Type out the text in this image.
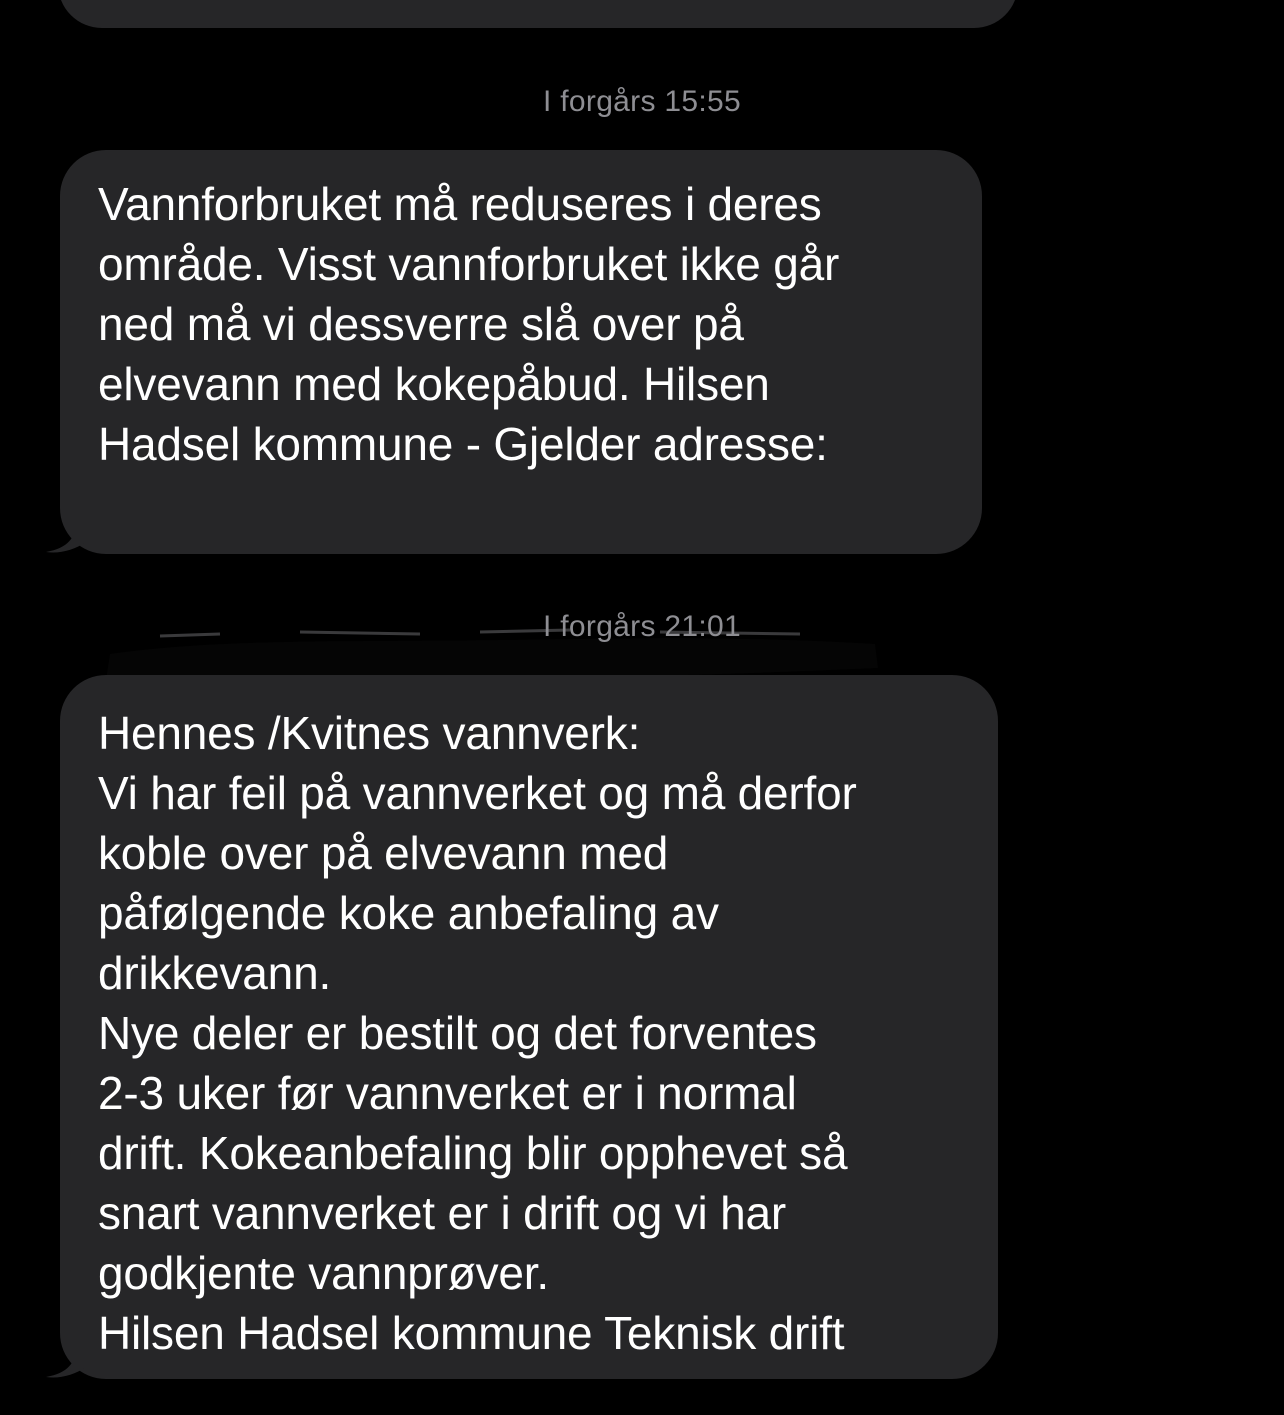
I forgårs 15:55

Vannforbruket må reduseres i deres
område. Visst vannforbruket ikke går
ned må vi dessverre slå over på
elvevann med kokepåbud. Hilsen
Hadsel kommune - Gjelder adresse:

I forgårs 21:01

Hennes /Kvitnes vannverk:
Vi har feil på vannverket og må derfor
koble over på elvevann med
påfølgende koke anbefaling av
drikkevann.
Nye deler er bestilt og det forventes
2-3 uker før vannverket er i normal
drift. Kokeanbefaling blir opphevet så
snart vannverket er i drift og vi har
godkjente vannprøver.
Hilsen Hadsel kommune Teknisk drift
